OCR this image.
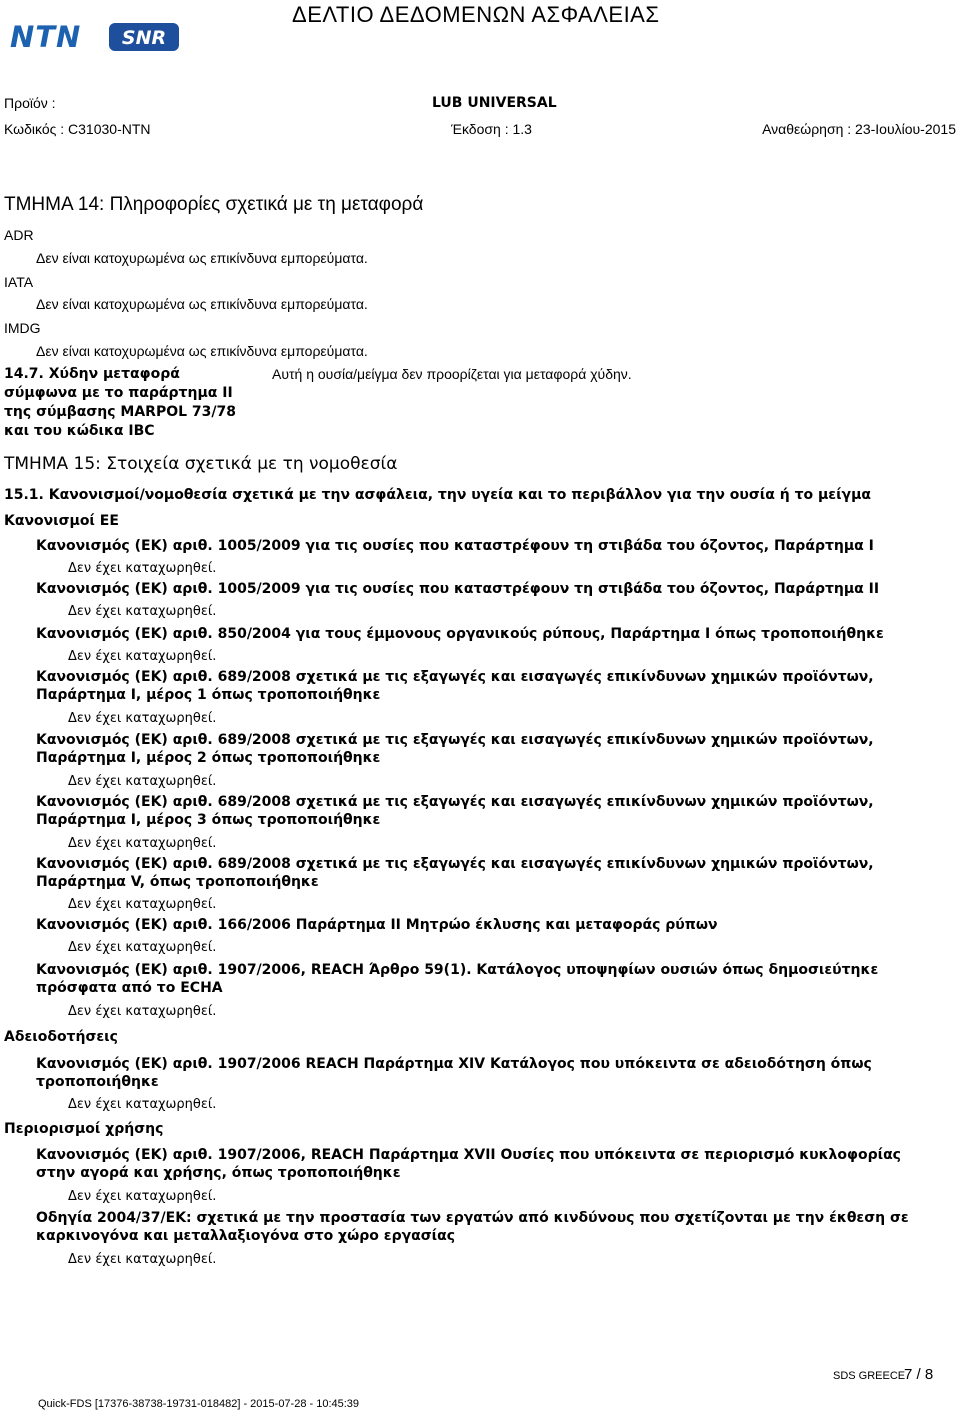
NTN SNR
ΔΕΛΤΙΟ ΔΕΔΟΜΕΝΩΝ ΑΣΦΑΛΕΙΑΣ
Προϊόν :	LUB UNIVERSAL
Κωδικός : C31030-NTN	Έκδοση : 1.3	Αναθεώρηση : 23-Ιουλίου-2015
ΤΜΗΜΑ 14: Πληροφορίες σχετικά με τη μεταφορά
ADR
Δεν είναι κατοχυρωμένα ως επικίνδυνα εμπορεύματα.
IATA
Δεν είναι κατοχυρωμένα ως επικίνδυνα εμπορεύματα.
IMDG
Δεν είναι κατοχυρωμένα ως επικίνδυνα εμπορεύματα.
14.7. Χύδην μεταφορά
σύμφωνα με το παράρτημα II
της σύμβασης MARPOL 73/78
και του κώδικα IBC
Αυτή η ουσία/μείγμα δεν προορίζεται για μεταφορά χύδην.
ΤΜΗΜΑ 15: Στοιχεία σχετικά με τη νομοθεσία
15.1. Κανονισμοί/νομοθεσία σχετικά με την ασφάλεια, την υγεία και το περιβάλλον για την ουσία ή το μείγμα
Κανονισμοί ΕΕ
Κανονισμός (ΕΚ) αριθ. 1005/2009 για τις ουσίες που καταστρέφουν τη στιβάδα του όζοντος, Παράρτημα I
Δεν έχει καταχωρηθεί.
Κανονισμός (ΕΚ) αριθ. 1005/2009 για τις ουσίες που καταστρέφουν τη στιβάδα του όζοντος, Παράρτημα II
Δεν έχει καταχωρηθεί.
Κανονισμός (ΕΚ) αριθ. 850/2004 για τους έμμονους οργανικούς ρύπους, Παράρτημα I όπως τροποποιήθηκε
Δεν έχει καταχωρηθεί.
Κανονισμός (ΕΚ) αριθ. 689/2008 σχετικά με τις εξαγωγές και εισαγωγές επικίνδυνων χημικών προϊόντων, Παράρτημα I, μέρος 1 όπως τροποποιήθηκε
Δεν έχει καταχωρηθεί.
Κανονισμός (ΕΚ) αριθ. 689/2008 σχετικά με τις εξαγωγές και εισαγωγές επικίνδυνων χημικών προϊόντων, Παράρτημα I, μέρος 2 όπως τροποποιήθηκε
Δεν έχει καταχωρηθεί.
Κανονισμός (ΕΚ) αριθ. 689/2008 σχετικά με τις εξαγωγές και εισαγωγές επικίνδυνων χημικών προϊόντων, Παράρτημα I, μέρος 3 όπως τροποποιήθηκε
Δεν έχει καταχωρηθεί.
Κανονισμός (ΕΚ) αριθ. 689/2008 σχετικά με τις εξαγωγές και εισαγωγές επικίνδυνων χημικών προϊόντων, Παράρτημα V, όπως τροποποιήθηκε
Δεν έχει καταχωρηθεί.
Κανονισμός (ΕΚ) αριθ. 166/2006 Παράρτημα II Μητρώο έκλυσης και μεταφοράς ρύπων
Δεν έχει καταχωρηθεί.
Κανονισμός (ΕΚ) αριθ. 1907/2006, REACH Άρθρο 59(1). Κατάλογος υποψηφίων ουσιών όπως δημοσιεύτηκε πρόσφατα από το ECHA
Δεν έχει καταχωρηθεί.
Αδειοδοτήσεις
Κανονισμός (ΕΚ) αριθ. 1907/2006 REACH Παράρτημα XIV Κατάλογος που υπόκειντα σε αδειοδότηση όπως τροποποιήθηκε
Δεν έχει καταχωρηθεί.
Περιορισμοί χρήσης
Κανονισμός (ΕΚ) αριθ. 1907/2006, REACH Παράρτημα XVII Ουσίες που υπόκειντα σε περιορισμό κυκλοφορίας στην αγορά και χρήσης, όπως τροποποιήθηκε
Δεν έχει καταχωρηθεί.
Οδηγία 2004/37/ΕΚ: σχετικά με την προστασία των εργατών από κινδύνους που σχετίζονται με την έκθεση σε καρκινογόνα και μεταλλαξιογόνα στο χώρο εργασίας
Δεν έχει καταχωρηθεί.
SDS GREECE
7 / 8
Quick-FDS [17376-38738-19731-018482] - 2015-07-28 - 10:45:39
